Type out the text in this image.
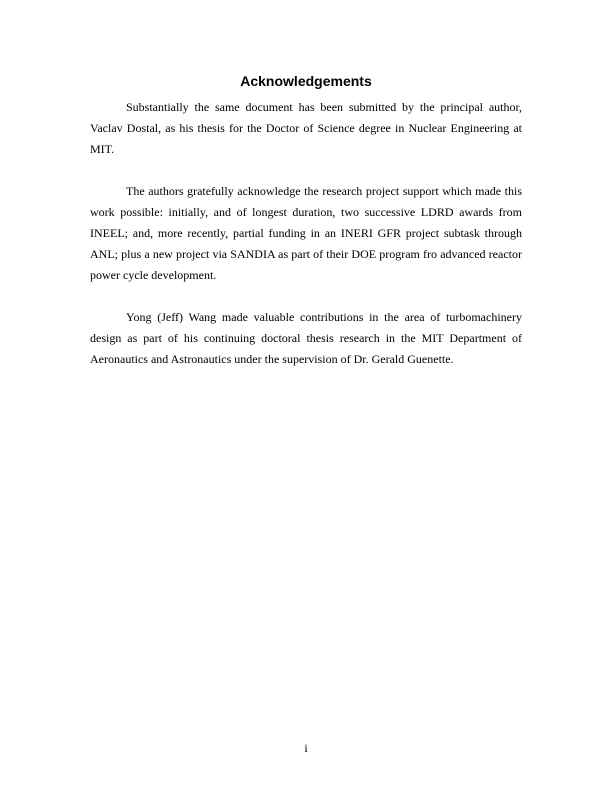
Acknowledgements

Substantially the same document has been submitted by the principal author, Vaclav Dostal, as his thesis for the Doctor of Science degree in Nuclear Engineering at MIT.

The authors gratefully acknowledge the research project support which made this work possible: initially, and of longest duration, two successive LDRD awards from INEEL; and, more recently, partial funding in an INERI GFR project subtask through ANL; plus a new project via SANDIA as part of their DOE program fro advanced reactor power cycle development.

Yong (Jeff) Wang made valuable contributions in the area of turbomachinery design as part of his continuing doctoral thesis research in the MIT Department of Aeronautics and Astronautics under the supervision of Dr. Gerald Guenette.

i
